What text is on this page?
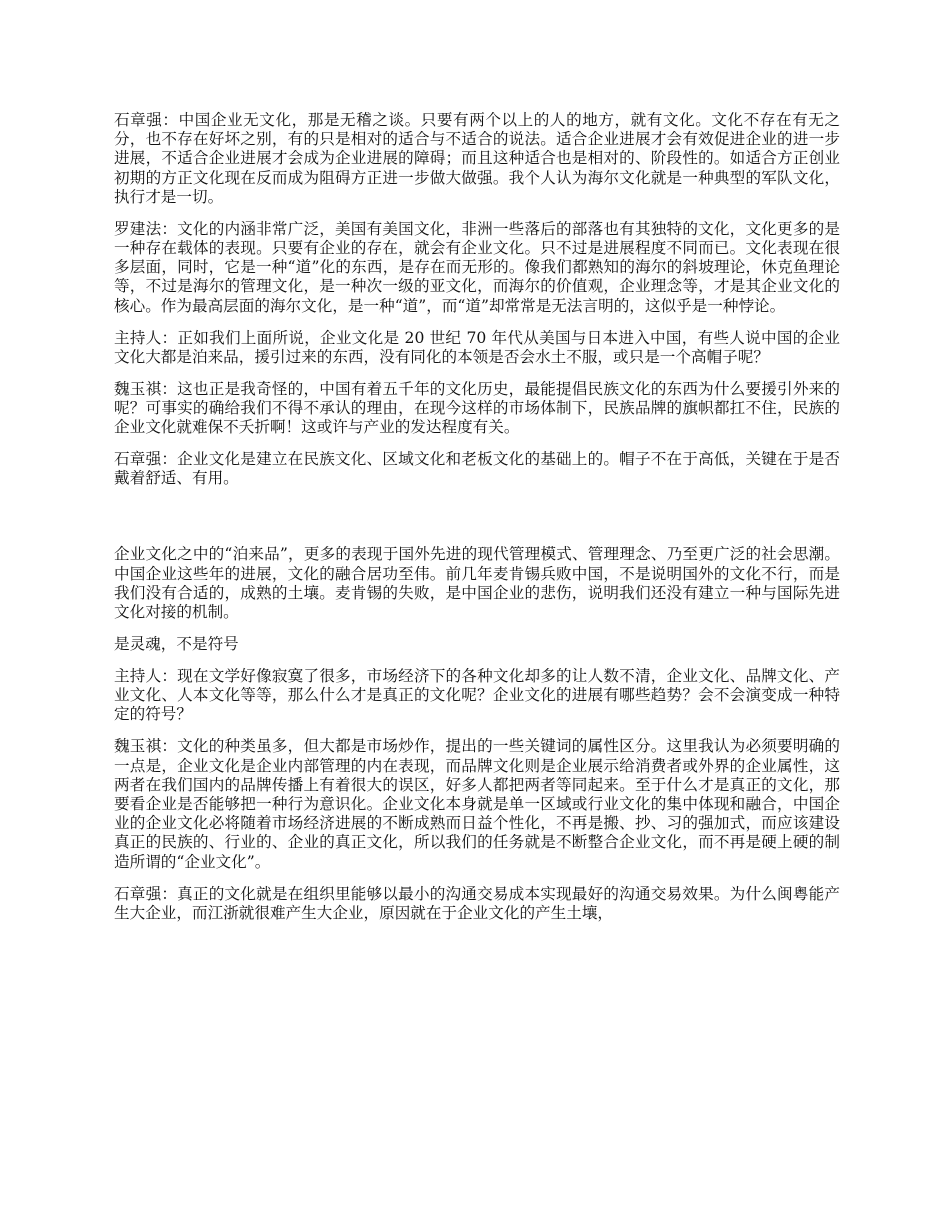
石章强：中国企业无文化，那是无稽之谈。只要有两个以上的人的地方，就有文化。文化不存在有无之分，也不存在好坏之别，有的只是相对的适合与不适合的说法。适合企业进展才会有效促进企业的进一步进展，不适合企业进展才会成为企业进展的障碍；而且这种适合也是相对的、阶段性的。如适合方正创业初期的方正文化现在反而成为阻碍方正进一步做大做强。我个人认为海尔文化就是一种典型的军队文化，执行才是一切。

罗建法：文化的内涵非常广泛，美国有美国文化，非洲一些落后的部落也有其独特的文化，文化更多的是一种存在载体的表现。只要有企业的存在，就会有企业文化。只不过是进展程度不同而已。文化表现在很多层面，同时，它是一种“道”化的东西，是存在而无形的。像我们都熟知的海尔的斜坡理论，休克鱼理论等，不过是海尔的管理文化，是一种次一级的亚文化，而海尔的价值观，企业理念等，才是其企业文化的核心。作为最高层面的海尔文化，是一种“道”，而“道”却常常是无法言明的，这似乎是一种悖论。

主持人：正如我们上面所说，企业文化是 20 世纪 70 年代从美国与日本进入中国，有些人说中国的企业文化大都是泊来品，援引过来的东西，没有同化的本领是否会水土不服，或只是一个高帽子呢？

魏玉祺：这也正是我奇怪的，中国有着五千年的文化历史，最能提倡民族文化的东西为什么要援引外来的呢？可事实的确给我们不得不承认的理由，在现今这样的市场体制下，民族品牌的旗帜都扛不住，民族的企业文化就难保不夭折啊！这或许与产业的发达程度有关。

石章强：企业文化是建立在民族文化、区域文化和老板文化的基础上的。帽子不在于高低，关键在于是否戴着舒适、有用。

企业文化之中的“泊来品”，更多的表现于国外先进的现代管理模式、管理理念、乃至更广泛的社会思潮。中国企业这些年的进展，文化的融合居功至伟。前几年麦肯锡兵败中国，不是说明国外的文化不行，而是我们没有合适的，成熟的土壤。麦肯锡的失败，是中国企业的悲伤，说明我们还没有建立一种与国际先进文化对接的机制。

是灵魂，不是符号

主持人：现在文学好像寂寞了很多，市场经济下的各种文化却多的让人数不清，企业文化、品牌文化、产业文化、人本文化等等，那么什么才是真正的文化呢？企业文化的进展有哪些趋势？会不会演变成一种特定的符号？

魏玉祺：文化的种类虽多，但大都是市场炒作，提出的一些关键词的属性区分。这里我认为必须要明确的一点是，企业文化是企业内部管理的内在表现，而品牌文化则是企业展示给消费者或外界的企业属性，这两者在我们国内的品牌传播上有着很大的误区，好多人都把两者等同起来。至于什么才是真正的文化，那要看企业是否能够把一种行为意识化。企业文化本身就是单一区域或行业文化的集中体现和融合，中国企业的企业文化必将随着市场经济进展的不断成熟而日益个性化，不再是搬、抄、习的强加式，而应该建设真正的民族的、行业的、企业的真正文化，所以我们的任务就是不断整合企业文化，而不再是硬上硬的制造所谓的“企业文化”。

石章强：真正的文化就是在组织里能够以最小的沟通交易成本实现最好的沟通交易效果。为什么闽粤能产生大企业，而江浙就很难产生大企业，原因就在于企业文化的产生土壤，
